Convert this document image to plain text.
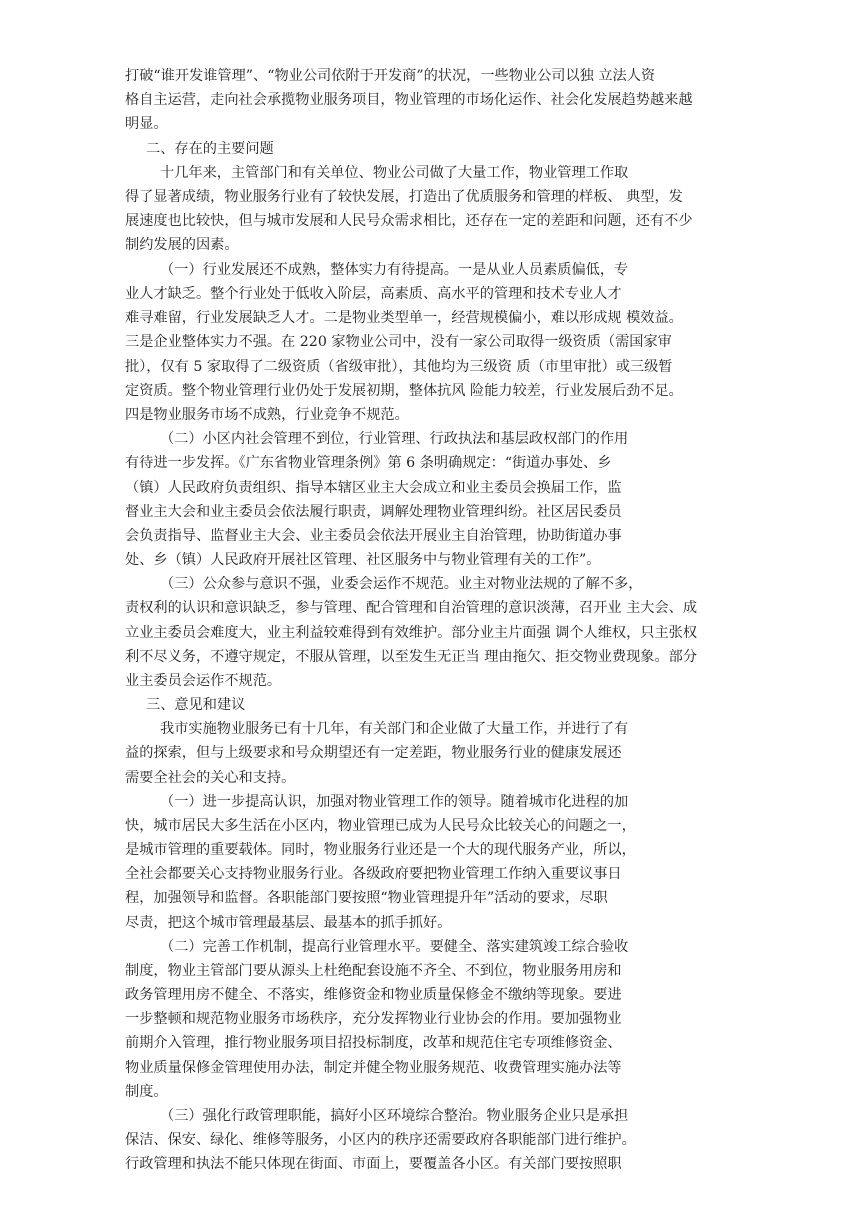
打破“谁开发谁管理”、“物业公司依附于开发商”的状况，一些物业公司以独 立法人资
格自主运营，走向社会承揽物业服务项目，物业管理的市场化运作、社会化发展趋势越来越
明显。
二、存在的主要问题
十几年来，主管部门和有关单位、物业公司做了大量工作，物业管理工作取
得了显著成绩，物业服务行业有了较快发展，打造出了优质服务和管理的样板、 典型，发
展速度也比较快，但与城市发展和人民号众需求相比，还存在一定的差距和问题，还有不少
制约发展的因素。
（一）行业发展还不成熟，整体实力有待提高。一是从业人员素质偏低，专
业人才缺乏。整个行业处于低收入阶层，高素质、高水平的管理和技术专业人才
难寻难留，行业发展缺乏人才。二是物业类型单一，经营规模偏小，难以形成规 模效益。
三是企业整体实力不强。在 220 家物业公司中，没有一家公司取得一级资质（需国家审
批），仅有 5 家取得了二级资质（省级审批），其他均为三级资 质（市里审批）或三级暂
定资质。整个物业管理行业仍处于发展初期，整体抗风 险能力较差，行业发展后劲不足。
四是物业服务市场不成熟，行业竞争不规范。
（二）小区内社会管理不到位，行业管理、行政执法和基层政权部门的作用
有待进一步发挥。《广东省物业管理条例》第 6 条明确规定：“街道办事处、乡
（镇）人民政府负责组织、指导本辖区业主大会成立和业主委员会换届工作，监
督业主大会和业主委员会依法履行职责，调解处理物业管理纠纷。社区居民委员
会负责指导、监督业主大会、业主委员会依法开展业主自治管理，协助街道办事
处、乡（镇）人民政府开展社区管理、社区服务中与物业管理有关的工作”。
（三）公众参与意识不强，业委会运作不规范。业主对物业法规的了解不多，
责权利的认识和意识缺乏，参与管理、配合管理和自治管理的意识淡薄，召开业 主大会、成
立业主委员会难度大，业主利益较难得到有效维护。部分业主片面强 调个人维权，只主张权
利不尽义务，不遵守规定，不服从管理，以至发生无正当 理由拖欠、拒交物业费现象。部分
业主委员会运作不规范。
三、意见和建议
我市实施物业服务已有十几年，有关部门和企业做了大量工作，并进行了有
益的探索，但与上级要求和号众期望还有一定差距，物业服务行业的健康发展还
需要全社会的关心和支持。
（一）进一步提高认识，加强对物业管理工作的领导。随着城市化进程的加
快，城市居民大多生活在小区内，物业管理已成为人民号众比较关心的问题之一，
是城市管理的重要载体。同时，物业服务行业还是一个大的现代服务产业，所以，
全社会都要关心支持物业服务行业。各级政府要把物业管理工作纳入重要议事日
程，加强领导和监督。各职能部门要按照“物业管理提升年”活动的要求，尽职
尽责，把这个城市管理最基层、最基本的抓手抓好。
（二）完善工作机制，提高行业管理水平。要健全、落实建筑竣工综合验收
制度，物业主管部门要从源头上杜绝配套设施不齐全、不到位，物业服务用房和
政务管理用房不健全、不落实，维修资金和物业质量保修金不缴纳等现象。要进
一步整顿和规范物业服务市场秩序，充分发挥物业行业协会的作用。要加强物业
前期介入管理，推行物业服务项目招投标制度，改革和规范住宅专项维修资金、
物业质量保修金管理使用办法，制定并健全物业服务规范、收费管理实施办法等
制度。
（三）强化行政管理职能，搞好小区环境综合整治。物业服务企业只是承担
保洁、保安、绿化、维修等服务，小区内的秩序还需要政府各职能部门进行维护。
行政管理和执法不能只体现在街面、市面上，要覆盖各小区。有关部门要按照职
